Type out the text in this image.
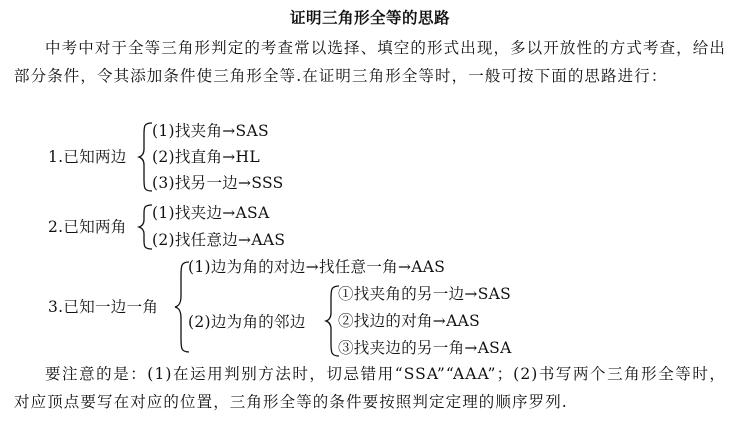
证明三角形全等的思路

中考中对于全等三角形判定的考查常以选择、填空的形式出现，多以开放性的方式考查，给出部分条件，令其添加条件使三角形全等.在证明三角形全等时，一般可按下面的思路进行：

1.已知两边
(1)找夹角→SAS
(2)找直角→HL
(3)找另一边→SSS
2.已知两角
(1)找夹边→ASA
(2)找任意边→AAS
3.已知一边一角
(1)边为角的对边→找任意一角→AAS
(2)边为角的邻边
①找夹角的另一边→SAS
②找边的对角→AAS
③找夹边的另一角→ASA

要注意的是：(1)在运用判别方法时，切忌错用“SSA”“AAA”；(2)书写两个三角形全等时，对应顶点要写在对应的位置，三角形全等的条件要按照判定定理的顺序罗列.
